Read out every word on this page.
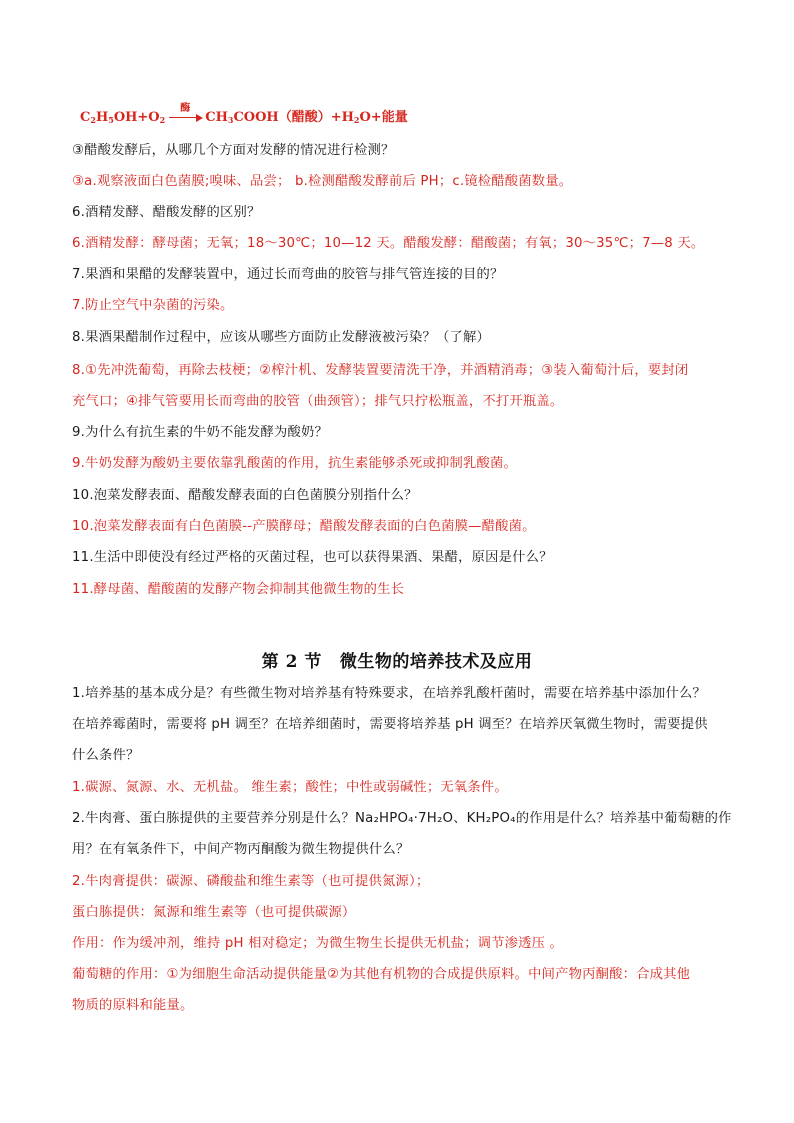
$C_2H_5OH+O_2$
酶
$CH_3COOH$（醋酸）$+H_2O+$能量
③醋酸发酵后，从哪几个方面对发酵的情况进行检测？
③a.观察液面白色菌膜;嗅味、品尝； b.检测醋酸发酵前后 PH；c.镜检醋酸菌数量。
6.酒精发酵、醋酸发酵的区别？
6.酒精发酵：酵母菌；无氧；18～30℃；10—12 天。醋酸发酵：醋酸菌；有氧；30～35℃；7—8 天。
7.果酒和果醋的发酵装置中，通过长而弯曲的胶管与排气管连接的目的？
7.防止空气中杂菌的污染。
8.果酒果醋制作过程中，应该从哪些方面防止发酵液被污染？（了解）
8.①先冲洗葡萄，再除去枝梗；②榨汁机、发酵装置要清洗干净，并酒精消毒；③装入葡萄汁后，要封闭
充气口；④排气管要用长而弯曲的胶管（曲颈管）；排气只拧松瓶盖，不打开瓶盖。
9.为什么有抗生素的牛奶不能发酵为酸奶？
9.牛奶发酵为酸奶主要依靠乳酸菌的作用，抗生素能够杀死或抑制乳酸菌。
10.泡菜发酵表面、醋酸发酵表面的白色菌膜分别指什么？
10.泡菜发酵表面有白色菌膜--产膜酵母；醋酸发酵表面的白色菌膜—醋酸菌。
11.生活中即使没有经过严格的灭菌过程，也可以获得果酒、果醋，原因是什么？
11.酵母菌、醋酸菌的发酵产物会抑制其他微生物的生长
第 2 节 微生物的培养技术及应用
1.培养基的基本成分是？有些微生物对培养基有特殊要求，在培养乳酸杆菌时，需要在培养基中添加什么？
在培养霉菌时，需要将 pH 调至？在培养细菌时，需要将培养基 pH 调至？在培养厌氧微生物时，需要提供
什么条件？
1.碳源、氮源、水、无机盐。 维生素；酸性；中性或弱碱性；无氧条件。
2.牛肉膏、蛋白胨提供的主要营养分别是什么？Na₂HPO₄·7H₂O、KH₂PO₄的作用是什么？培养基中葡萄糖的作
用？在有氧条件下，中间产物丙酮酸为微生物提供什么？
2.牛肉膏提供：碳源、磷酸盐和维生素等（也可提供氮源）；
蛋白胨提供：氮源和维生素等（也可提供碳源）
作用：作为缓冲剂，维持 pH 相对稳定；为微生物生长提供无机盐；调节渗透压 。
葡萄糖的作用：①为细胞生命活动提供能量②为其他有机物的合成提供原料。中间产物丙酮酸：合成其他
物质的原料和能量。
